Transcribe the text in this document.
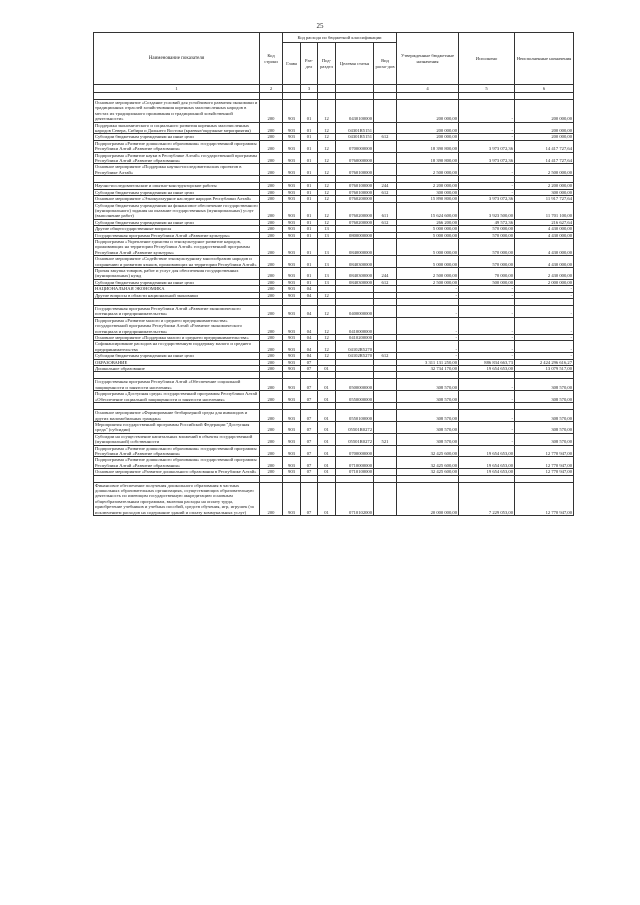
25
Наименование показателя	Код строки	Код расхода по бюджетной классификации					Утвержденные бюджетные назначения	Исполнено	Неисполненные назначения
		Глава	Раз-дел	Под-раздел	Целевая статья	Вид расхо-дов			
1	2		3				4	5	6

Основное мероприятие «Создание условий для устойчивого развития экономики и традиционных отраслей хозяйствования коренных малочисленных народов в местах их традиционного проживания и традиционной хозяйственной деятельности»	200	903	01	12	0430100000		200 000,00	-	200 000,00
Поддержка экономического и социального развития коренных малочисленных народов Севера, Сибири и Дальнего Востока (краевые/окружные мероприятия)	200	903	01	12	04301R5151		200 000,00	-	200 000,00
Субсидии бюджетным учреждениям на иные цели	200	903	01	12	04301R5151	612	200 000,00	-	200 000,00
Подпрограмма «Развитие дошкольного образования» государственной программы Республики Алтай «Развитие образования»	200	903	01	12	0700000000		18 390 800,00	3 973 072,36	14 417 727,64
Подпрограмма «Развитие науки в Республике Алтай» государственной программы Республики Алтай «Развитие образования»	200	903	01	12	0760000000		18 390 800,00	3 973 072,36	14 417 727,64
Основное мероприятие «Поддержка научно-исследовательских проектов в Республике Алтай»	200	903	01	12	0760100000		2 500 000,00	-	2 500 000,00

Научно-исследовательские и опытно-конструкторские работы	200	903	01	12	0760100000	244	2 200 000,00	-	2 200 000,00
Субсидии бюджетным учреждениям на иные цели	200	903	01	12	0760100000	612	300 000,00	-	300 000,00
Основное мероприятие «Этнокультурное наследие народов Республики Алтай»	200	903	01	12	0760200000		15 890 800,00	3 973 072,36	11 917 727,64
Субсидии бюджетным учреждениям на финансовое обеспечение государственного (муниципального) задания на оказание государственных (муниципальных) услуг (выполнение работ)	200	903	01	12	0760200000	611	15 624 600,00	3 923 500,00	11 701 100,00
Субсидии бюджетным учреждениям на иные цели	200	903	01	12	0760200000	612	266 200,00	49 572,36	216 627,64
Другие общегосударственные вопросы	200	903	01	13			5 000 000,00	570 000,00	4 430 000,00
Государственная программа Республики Алтай «Развитие культуры»	200	903	01	13	0800000000		5 000 000,00	570 000,00	4 430 000,00
Подпрограмма «Укрепление единства и этнокультурное развитие народов, проживающих на территории Республики Алтай» государственной программы Республики Алтай «Развитие культуры»	200	903	01	13	0840000000		5 000 000,00	570 000,00	4 430 000,00
Основное мероприятие «Содействие этнокультурному многообразию народов и сохранению и развитию языков, проживающих на территории Республики Алтай»	200	903	01	13	0840300000		5 000 000,00	570 000,00	4 430 000,00
Прочая закупка товаров, работ и услуг для обеспечения государственных (муниципальных) нужд	200	903	01	13	0840300000	244	2 500 000,00	70 000,00	2 430 000,00
Субсидии бюджетным учреждениям на иные цели	200	903	01	13	0840300000	612	2 500 000,00	500 000,00	2 000 000,00
НАЦИОНАЛЬНАЯ ЭКОНОМИКА	200	903	04				-	-	-
Другие вопросы в области национальной экономики	200	903	04	12			-	-	-

Государственная программа Республики Алтай «Развитие экономического потенциала и предпринимательства»	200	903	04	12	0400000000		-	-	-
Подпрограмма «Развитие малого и среднего предпринимательства» государственной программы Республики Алтай «Развитие экономического потенциала и предпринимательства»	200	903	04	12	0410000000		-	-	-
Основное мероприятие «Поддержка малого и среднего предпринимательства»	200	903	04	12	0410200000		-	-	-
Софинансирование расходов на государственную поддержку малого и среднего предпринимательства	200	903	04	12	04102R5270		-	-	-
Субсидии бюджетным учреждениям на иные цели	200	903	04	12	04102R5270	612	-	-	-
ОБРАЗОВАНИЕ	200	903	07				3 311 131 250,00	886 834 663,73	2 424 296 616,27
Дошкольное образование	200	903	07	01			32 734 170,00	19 654 653,00	13 079 517,00

Государственная программа Республики Алтай «Обеспечение социальной защищенности и занятости населения»	200	903	07	01	0500000000		308 570,00	-	308 570,00
Подпрограмма «Доступная среда» государственной программы Республики Алтай «Обеспечение социальной защищенности и занятости населения»	200	903	07	01	0550000000		308 570,00	-	308 570,00

Основное мероприятие «Формирование безбарьерной среды для инвалидов и других маломобильных граждан»	200	903	07	01	0550100000		308 570,00	-	308 570,00
Мероприятия государственной программы Российской Федерации "Доступная среда" (субсидии)	200	903	07	01	05501R0272		308 570,00	-	308 570,00
Субсидии на осуществление капитальных вложений в объекты государственной (муниципальной) собственности	200	903	07	01	05501R0272	521	308 570,00	-	308 570,00
Подпрограмма «Развитие дошкольного образования» государственной программы Республики Алтай «Развитие образования»	200	903	07	01	0700000000		32 425 600,00	19 654 653,00	12 770 947,00
Подпрограмма «Развитие дошкольного образования» государственной программы Республики Алтай «Развитие образования»	200	903	07	01	0710000000		32 425 600,00	19 654 653,00	12 770 947,00
Основное мероприятие «Развитие дошкольного образования в Республике Алтай»	200	903	07	01	0710100000		32 425 600,00	19 654 653,00	12 770 947,00

Финансовое обеспечение получения дошкольного образования в частных дошкольных образовательных организациях, осуществляющих образовательную деятельность по имеющим государственную аккредитацию основным общеобразовательным программам, включая расходы на оплату труда, приобретение учебников и учебных пособий, средств обучения, игр, игрушек (за исключением расходов на содержание зданий и оплату коммунальных услуг)	200	903	07	01	0710102000		20 000 000,00	7 229 053,00	12 770 947,00
